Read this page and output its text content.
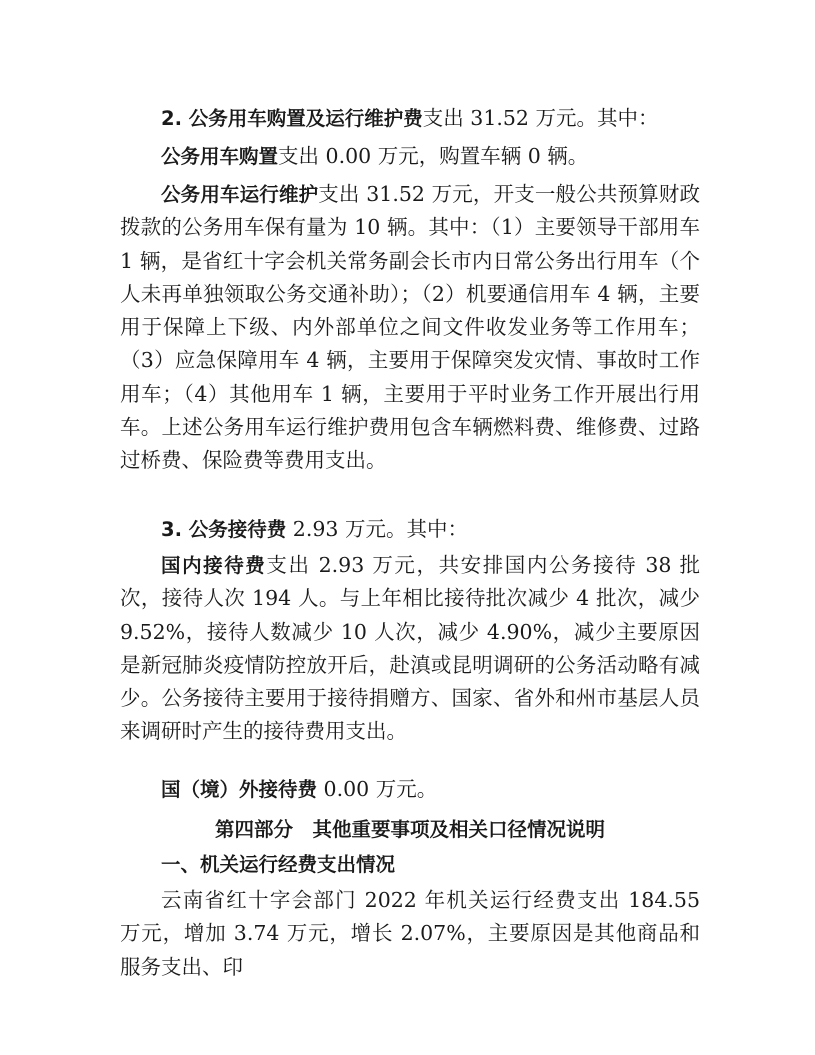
2. 公务用车购置及运行维护费支出 31.52 万元。其中：

公务用车购置支出 0.00 万元，购置车辆 0 辆。

公务用车运行维护支出 31.52 万元，开支一般公共预算财政拨款的公务用车保有量为 10 辆。其中：（1）主要领导干部用车 1 辆，是省红十字会机关常务副会长市内日常公务出行用车（个人未再单独领取公务交通补助）；（2）机要通信用车 4 辆，主要用于保障上下级、内外部单位之间文件收发业务等工作用车；（3）应急保障用车 4 辆，主要用于保障突发灾情、事故时工作用车；（4）其他用车 1 辆，主要用于平时业务工作开展出行用车。上述公务用车运行维护费用包含车辆燃料费、维修费、过路过桥费、保险费等费用支出。

3. 公务接待费 2.93 万元。其中：

国内接待费支出 2.93 万元，共安排国内公务接待 38 批次，接待人次 194 人。与上年相比接待批次减少 4 批次，减少 9.52%，接待人数减少 10 人次，减少 4.90%，减少主要原因是新冠肺炎疫情防控放开后，赴滇或昆明调研的公务活动略有减少。公务接待主要用于接待捐赠方、国家、省外和州市基层人员来调研时产生的接待费用支出。

国（境）外接待费 0.00 万元。

第四部分　其他重要事项及相关口径情况说明

一、机关运行经费支出情况

云南省红十字会部门 2022 年机关运行经费支出 184.55 万元，增加 3.74 万元，增长 2.07%，主要原因是其他商品和服务支出、印
